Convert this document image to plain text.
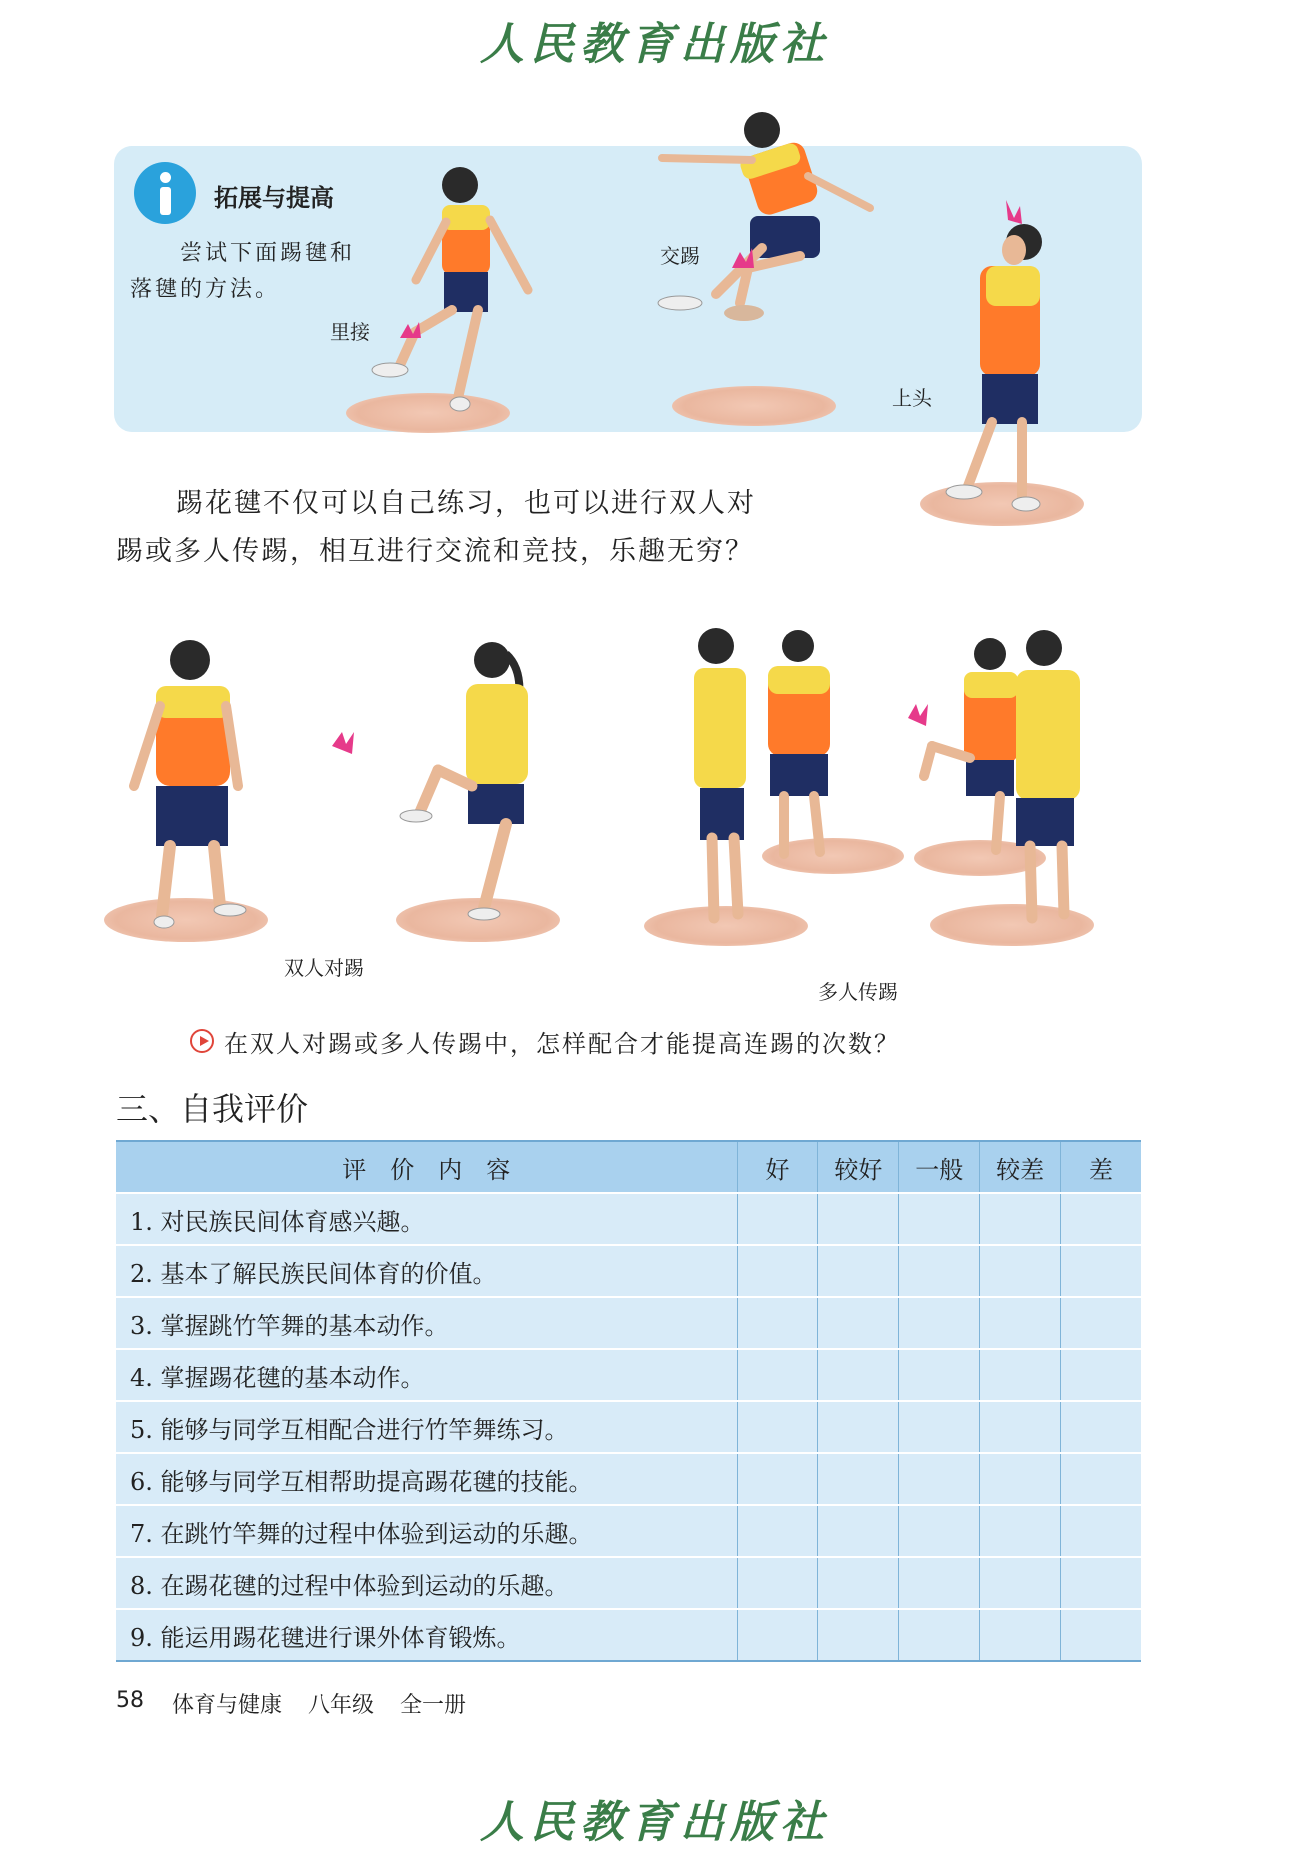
人民教育出版社
拓展与提高
尝试下面踢毽和
落毽的方法。
里接
交踢
上头
踢花毽不仅可以自己练习，也可以进行双人对
踢或多人传踢，相互进行交流和竞技，乐趣无穷？
双人对踢
多人传踢
在双人对踢或多人传踢中，怎样配合才能提高连踢的次数？
三、自我评价
评　价　内　容	好	较好	一般	较差	差
1. 对民族民间体育感兴趣。					
2. 基本了解民族民间体育的价值。					
3. 掌握跳竹竿舞的基本动作。					
4. 掌握踢花毽的基本动作。					
5. 能够与同学互相配合进行竹竿舞练习。					
6. 能够与同学互相帮助提高踢花毽的技能。					
7. 在跳竹竿舞的过程中体验到运动的乐趣。					
8. 在踢花毽的过程中体验到运动的乐趣。					
9. 能运用踢花毽进行课外体育锻炼。					
58 体育与健康 八年级 全一册
人民教育出版社
